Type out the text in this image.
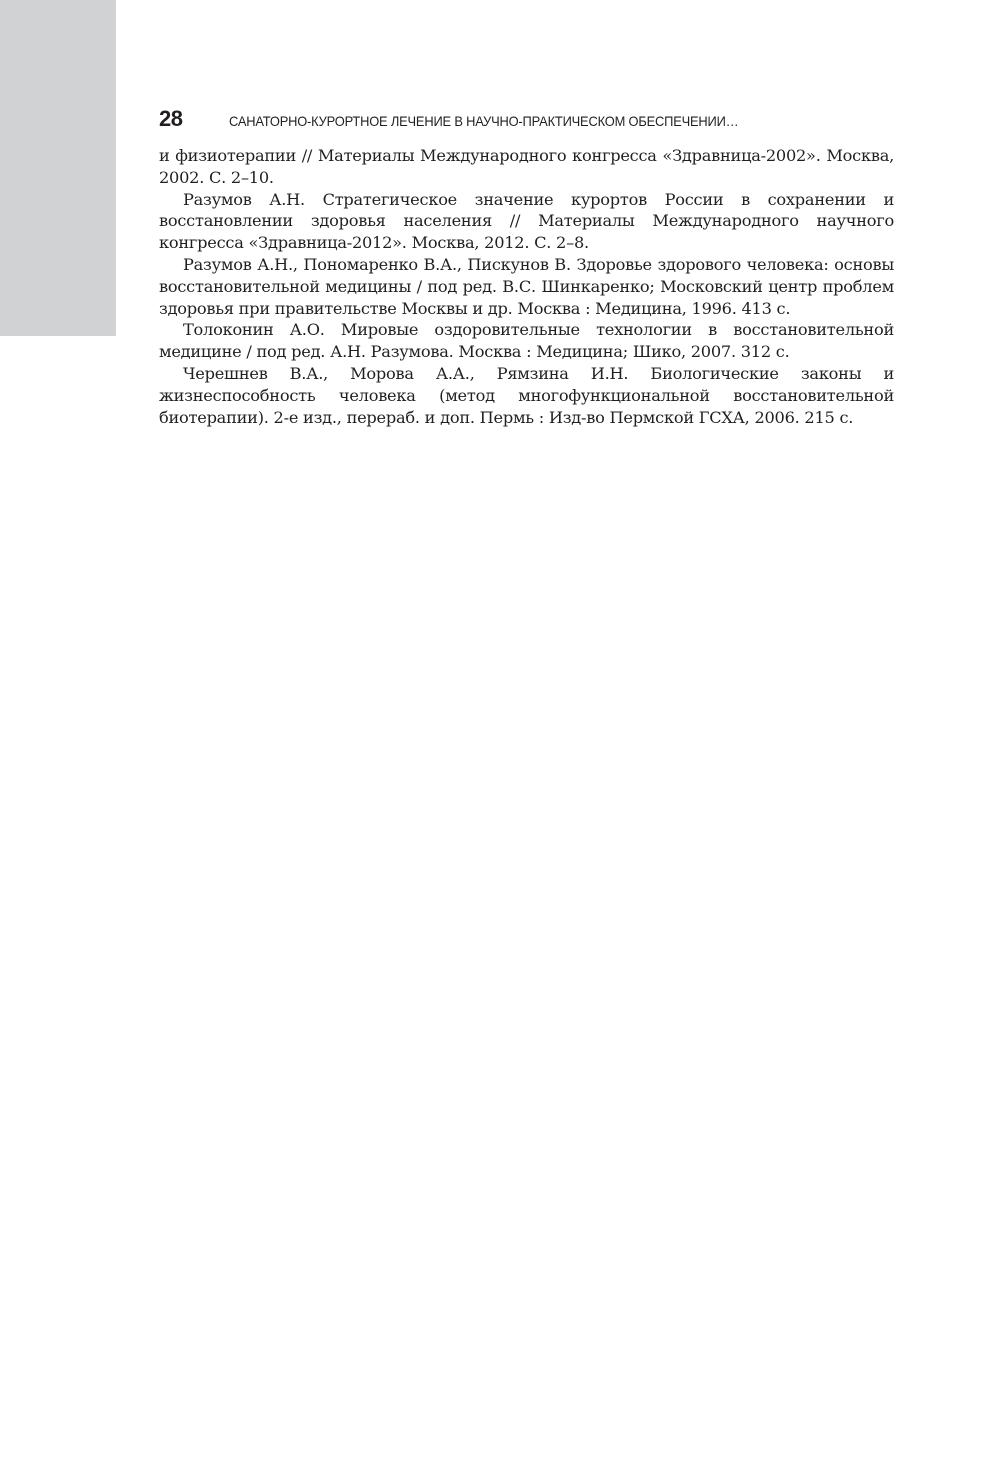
28	САНАТОРНО-КУРОРТНОЕ ЛЕЧЕНИЕ В НАУЧНО-ПРАКТИЧЕСКОМ ОБЕСПЕЧЕНИИ…

и физиотерапии // Материалы Международного конгресса «Здравница-2002». Москва, 2002. С. 2–10.

Разумов А.Н. Стратегическое значение курортов России в сохранении и восстановлении здоровья населения // Материалы Международного научного конгресса «Здравница-2012». Москва, 2012. С. 2–8.

Разумов А.Н., Пономаренко В.А., Пискунов В. Здоровье здорового человека: основы восстановительной медицины / под ред. В.С. Шинкаренко; Московский центр проблем здоровья при правительстве Москвы и др. Москва : Медицина, 1996. 413 с.

Толоконин А.О. Мировые оздоровительные технологии в восстановительной медицине / под ред. А.Н. Разумова. Москва : Медицина; Шико, 2007. 312 с.

Черешнев В.А., Морова А.А., Рямзина И.Н. Биологические законы и жизнеспособность человека (метод многофункциональной восстановительной биотерапии). 2-е изд., перераб. и доп. Пермь : Изд-во Пермской ГСХА, 2006. 215 с.
